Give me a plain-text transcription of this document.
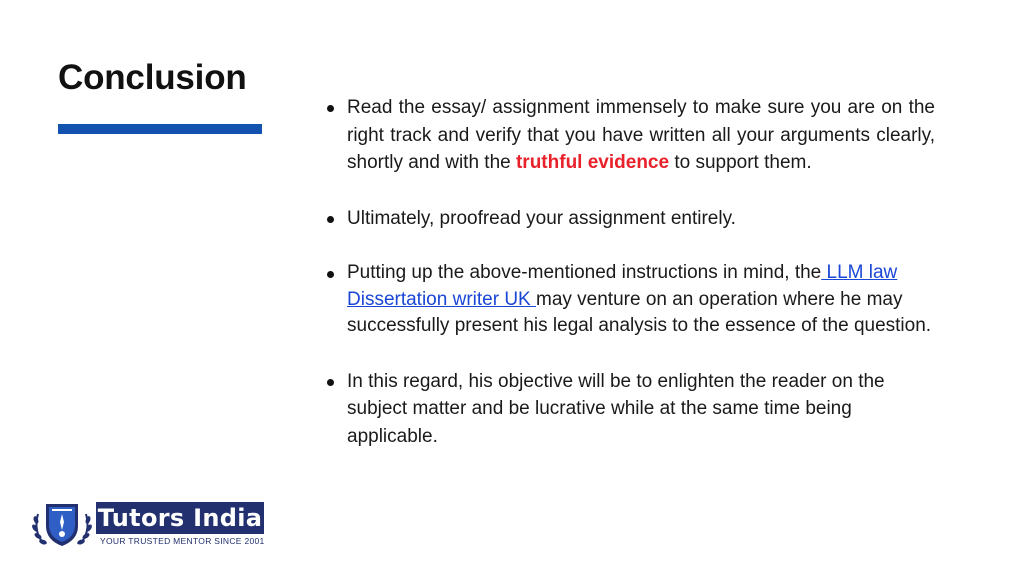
Conclusion
Read the essay/ assignment immensely to make sure you are on the right track and verify that you have written all your arguments clearly, shortly and with the truthful evidence to support them.
Ultimately, proofread your assignment entirely.
Putting up the above-mentioned instructions in mind, the LLM law Dissertation writer UK may venture on an operation where he may successfully present his legal analysis to the essence of the question.
In this regard, his objective will be to enlighten the reader on the subject matter and be lucrative while at the same time being applicable.
Tutors India
YOUR TRUSTED MENTOR SINCE 2001
